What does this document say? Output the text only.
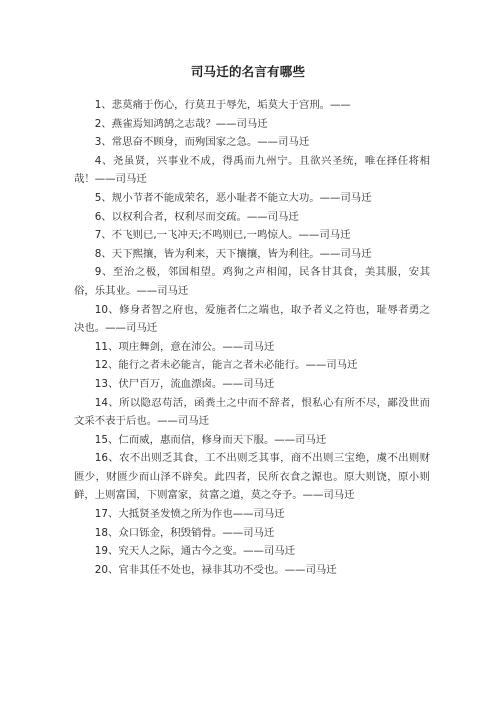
司马迁的名言有哪些

1、悲莫痛于伤心，行莫丑于辱先，垢莫大于宫刑。——

2、燕雀焉知鸿鹄之志哉？——司马迁

3、常思奋不顾身，而殉国家之急。——司马迁

4、尧虽贤，兴事业不成，得禹而九州宁。且欲兴圣统，唯在择任将相哉！——司马迁

5、规小节者不能成荣名，恶小耻者不能立大功。——司马迁

6、以权利合者，权利尽而交疏。——司马迁

7、不飞则已,一飞冲天;不鸣则已,一鸣惊人。——司马迁

8、天下熙攘，皆为利来，天下攘攘，皆为利往。——司马迁

9、至治之极，邻国相望。鸡狗之声相闻，民各甘其食，美其服，安其俗，乐其业。——司马迁

10、修身者智之府也，爱施者仁之端也，取予者义之符也，耻辱者勇之决也。——司马迁

11、项庄舞剑，意在沛公。——司马迁

12、能行之者未必能言，能言之者未必能行。——司马迁

13、伏尸百万，流血漂卤。——司马迁

14、所以隐忍苟活，函粪土之中而不辞者，恨私心有所不尽，鄙没世而文采不表于后也。——司马迁

15、仁而威，惠而信，修身而天下服。——司马迁

16、农不出则乏其食，工不出则乏其事，商不出则三宝绝，虞不出则财匮少，财匮少而山泽不辟矣。此四者，民所衣食之源也。原大则饶，原小则鲜，上则富国，下则富家，贫富之道，莫之夺予。——司马迁

17、大抵贤圣发愤之所为作也——司马迁

18、众口铄金，积毁销骨。——司马迁

19、究天人之际，通古今之变。——司马迁

20、官非其任不处也，禄非其功不受也。——司马迁
